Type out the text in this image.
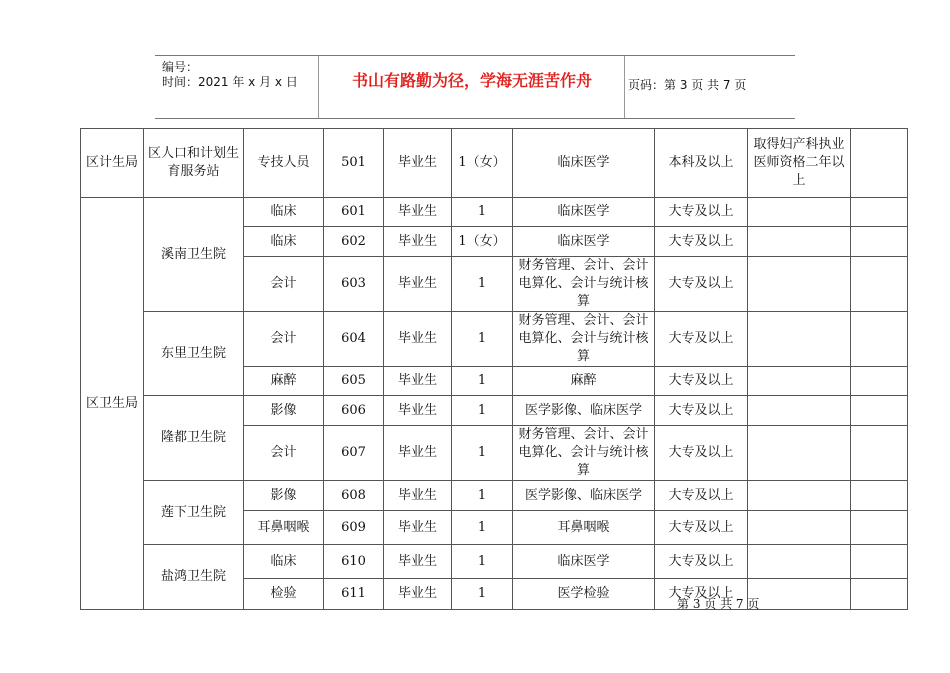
编号：
时间：2021 年 x 月 x 日	书山有路勤为径，学海无涯苦作舟	页码：第 3 页 共 7 页
区计生局	区人口和计划生育服务站	专技人员	501	毕业生	1（女）	临床医学	本科及以上	取得妇产科执业医师资格二年以上	
区卫生局	溪南卫生院	临床	601	毕业生	1	临床医学	大专及以上		
		临床	602	毕业生	1（女）	临床医学	大专及以上		
		会计	603	毕业生	1	财务管理、会计、会计电算化、会计与统计核算	大专及以上		
	东里卫生院	会计	604	毕业生	1	财务管理、会计、会计电算化、会计与统计核算	大专及以上		
		麻醉	605	毕业生	1	麻醉	大专及以上		
	隆都卫生院	影像	606	毕业生	1	医学影像、临床医学	大专及以上		
		会计	607	毕业生	1	财务管理、会计、会计电算化、会计与统计核算	大专及以上		
	莲下卫生院	影像	608	毕业生	1	医学影像、临床医学	大专及以上		
		耳鼻咽喉	609	毕业生	1	耳鼻咽喉	大专及以上		
	盐鸿卫生院	临床	610	毕业生	1	临床医学	大专及以上		
		检验	611	毕业生	1	医学检验	大专及以上		
第 3 页 共 7 页
